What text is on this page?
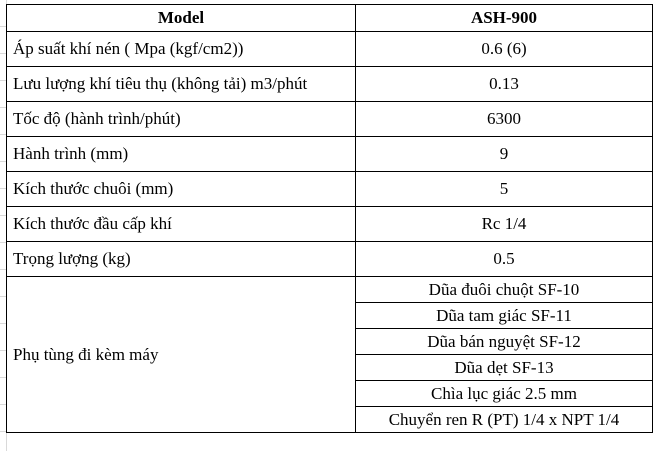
Model	ASH-900
Áp suất khí nén ( Mpa (kgf/cm2))	0.6 (6)
Lưu lượng khí tiêu thụ (không tải) m3/phút	0.13
Tốc độ (hành trình/phút)	6300
Hành trình (mm)	9
Kích thước chuôi (mm)	5
Kích thước đầu cấp khí	Rc 1/4
Trọng lượng (kg)	0.5
Phụ tùng đi kèm máy	Dũa đuôi chuột SF-10
	Dũa tam giác SF-11
	Dũa bán nguyệt SF-12
	Dũa dẹt SF-13
	Chìa lục giác 2.5 mm
	Chuyển ren R (PT) 1/4 x NPT 1/4
